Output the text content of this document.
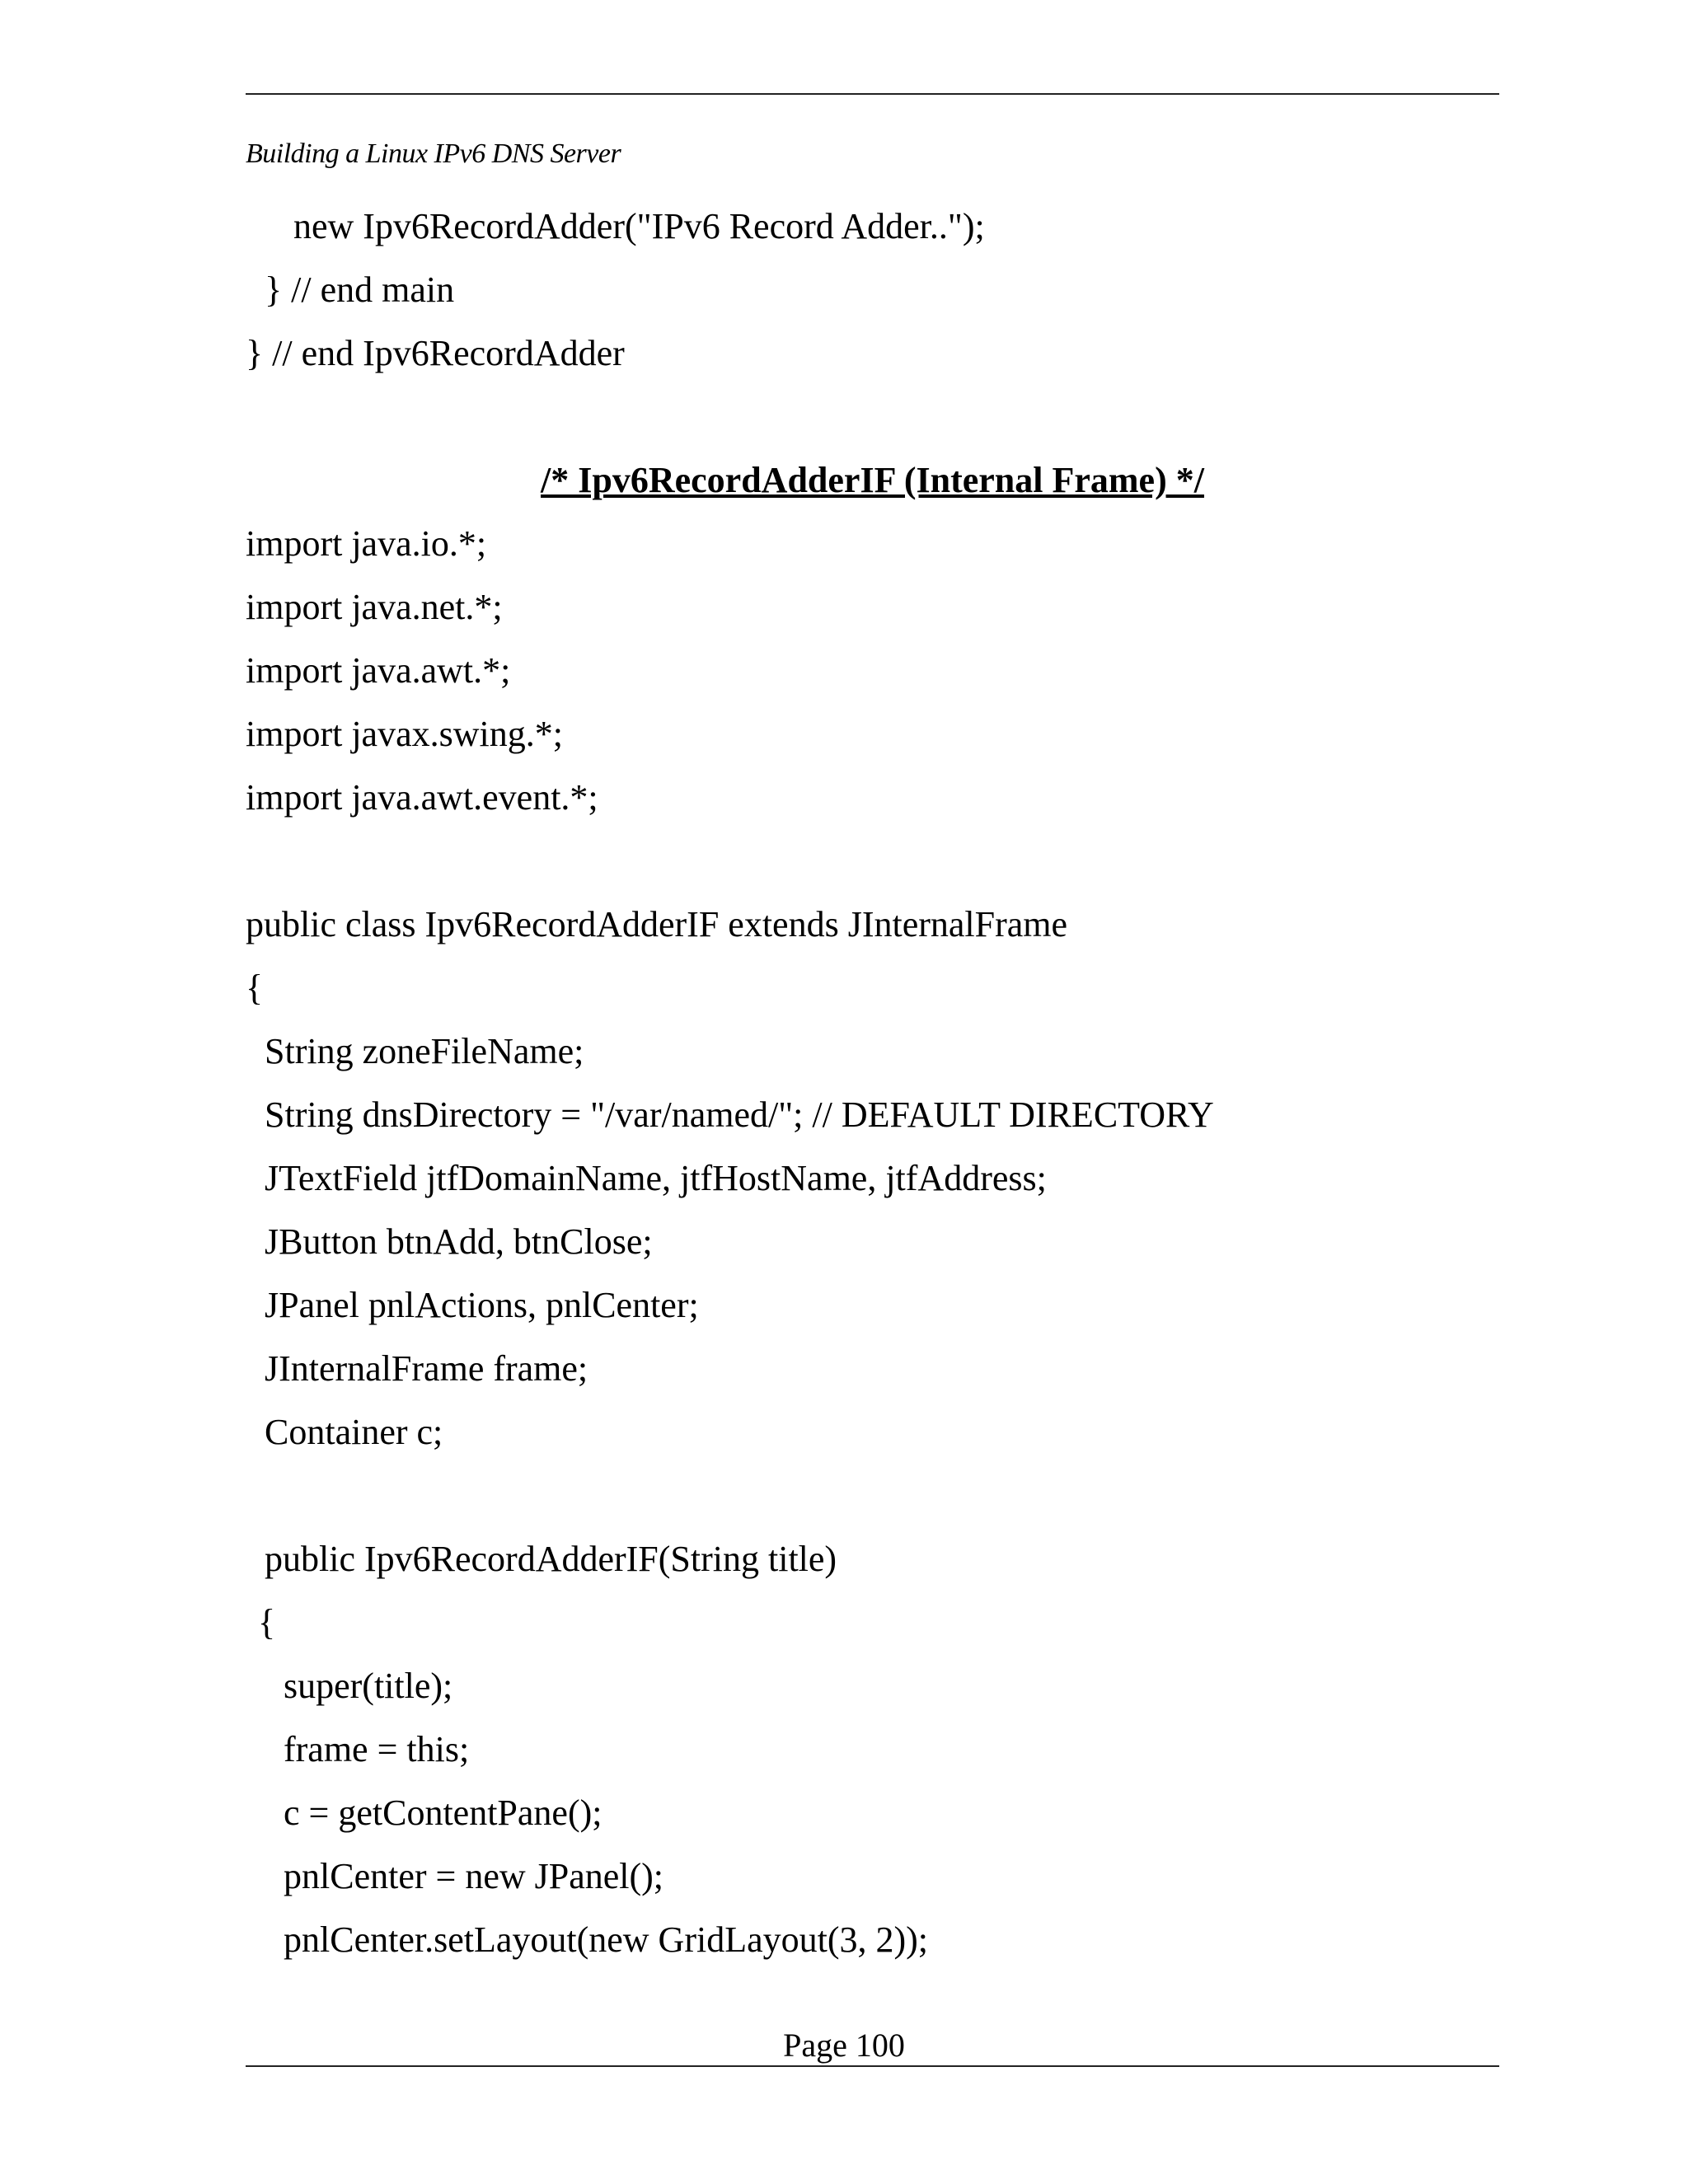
Building a Linux IPv6 DNS Server
new Ipv6RecordAdder("IPv6 Record Adder..");
} // end main
} // end Ipv6RecordAdder
/* Ipv6RecordAdderIF (Internal Frame) */
import java.io.*;
import java.net.*;
import java.awt.*;
import javax.swing.*;
import java.awt.event.*;
public class Ipv6RecordAdderIF extends JInternalFrame
{
String zoneFileName;
String dnsDirectory = "/var/named/"; // DEFAULT DIRECTORY
JTextField jtfDomainName, jtfHostName, jtfAddress;
JButton btnAdd, btnClose;
JPanel pnlActions, pnlCenter;
JInternalFrame frame;
Container c;
public Ipv6RecordAdderIF(String title)
{
super(title);
frame = this;
c = getContentPane();
pnlCenter = new JPanel();
pnlCenter.setLayout(new GridLayout(3, 2));
Page 100
